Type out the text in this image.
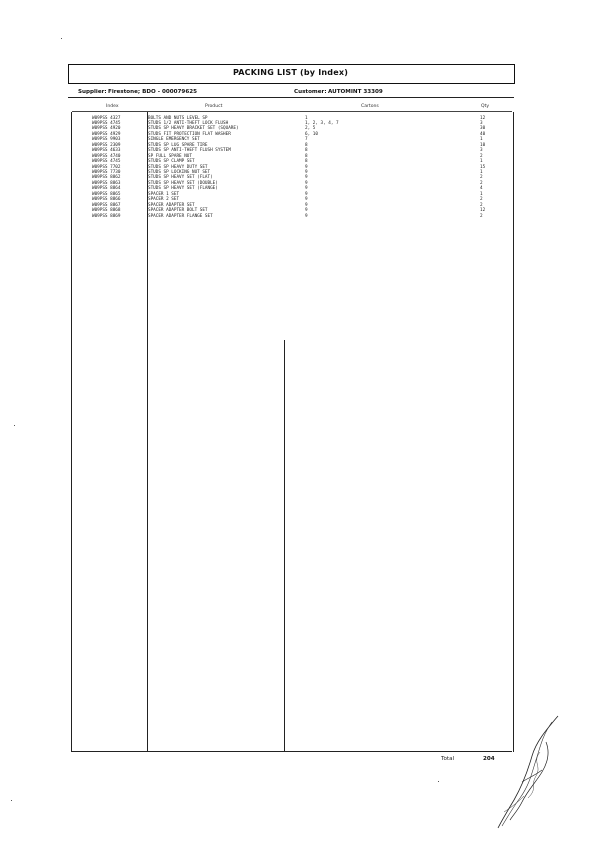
PACKING LIST (by Index)
Supplier: Firestone; BDO - 000079625	Customer: AUTOMINT 33309
Index	Product	Cartons	Qty
W09PSS 4327	BOLTS AND NUTS LEVEL SP	1	12
W09PSS 4745	STUDS 1/2 ANTI-THEFT LOCK FLUSH	1, 2, 3, 4, 7	3
W09PSS 4920	STUDS SP HEAVY BRACKET SET (SQUARE)	2, 5	30
W09PSS 4929	STUDS FIT PROTECTION FLAT WASHER	6, 10	40
W09PSS 9903	SINGLE EMERGENCY SET	7	1
W09PSS 2309	STUDS SP LUG SPARE TIRE	8	10
W09PSS 4633	STUDS SP ANTI-THEFT FLUSH SYSTEM	8	3
W09PSS 4740	SP FULL SPARE NUT	8	2
W09PSS 4745	STUDS SP CLAMP SET	8	1
W09PSS 7702	STUDS SP HEAVY DUTY SET	9	15
W09PSS 7730	STUDS SP LOCKING NUT SET	9	1
W09PSS 8862	STUDS SP HEAVY SET (FLAT)	9	2
W09PSS 8863	STUDS SP HEAVY SET (DOUBLE)	9	2
W09PSS 8864	STUDS SP HEAVY SET (FLANGE)	9	4
W09PSS 8865	SPACER 1 SET	9	1
W09PSS 8866	SPACER 2 SET	9	2
W09PSS 8867	SPACER ADAPTER SET	9	2
W09PSS 8868	SPACER ADAPTER BOLT SET	9	12
W09PSS 8869	SPACER ADAPTER FLANGE SET	9	2
Total	204
